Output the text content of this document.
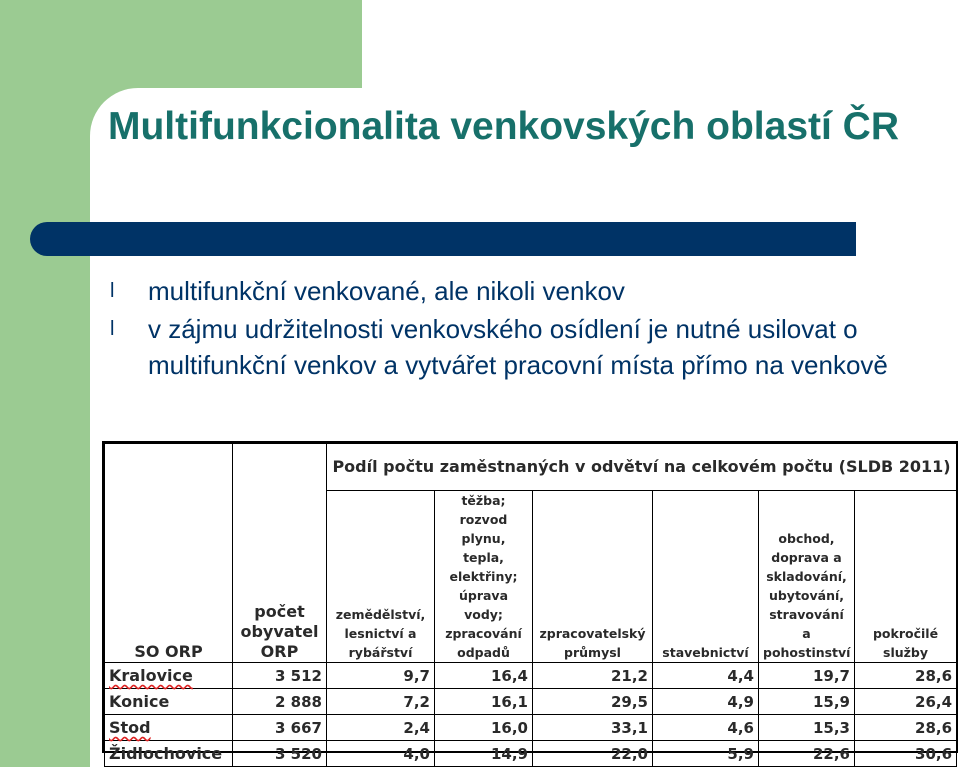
Multifunkcionalita venkovských oblastí ČR
l multifunkční venkované, ale nikoli venkov
l v zájmu udržitelnosti venkovského osídlení je nutné usilovat o multifunkční venkov a vytvářet pracovní místa přímo na venkově
SO ORP	počet obyvatel ORP	Podíl počtu zaměstnaných v odvětví na celkovém počtu (SLDB 2011)					
		zemědělství, lesnictví a rybářství	těžba; rozvod plynu, tepla, elektřiny; úprava vody; zpracování odpadů	zpracovatelský průmysl	stavebnictví	obchod, doprava a skladování, ubytování, stravování a pohostinství	pokročilé služby
Kralovice	3 512	9,7	16,4	21,2	4,4	19,7	28,6
Konice	2 888	7,2	16,1	29,5	4,9	15,9	26,4
Stod	3 667	2,4	16,0	33,1	4,6	15,3	28,6
Židlochovice	3 520	4,0	14,9	22,0	5,9	22,6	30,6
